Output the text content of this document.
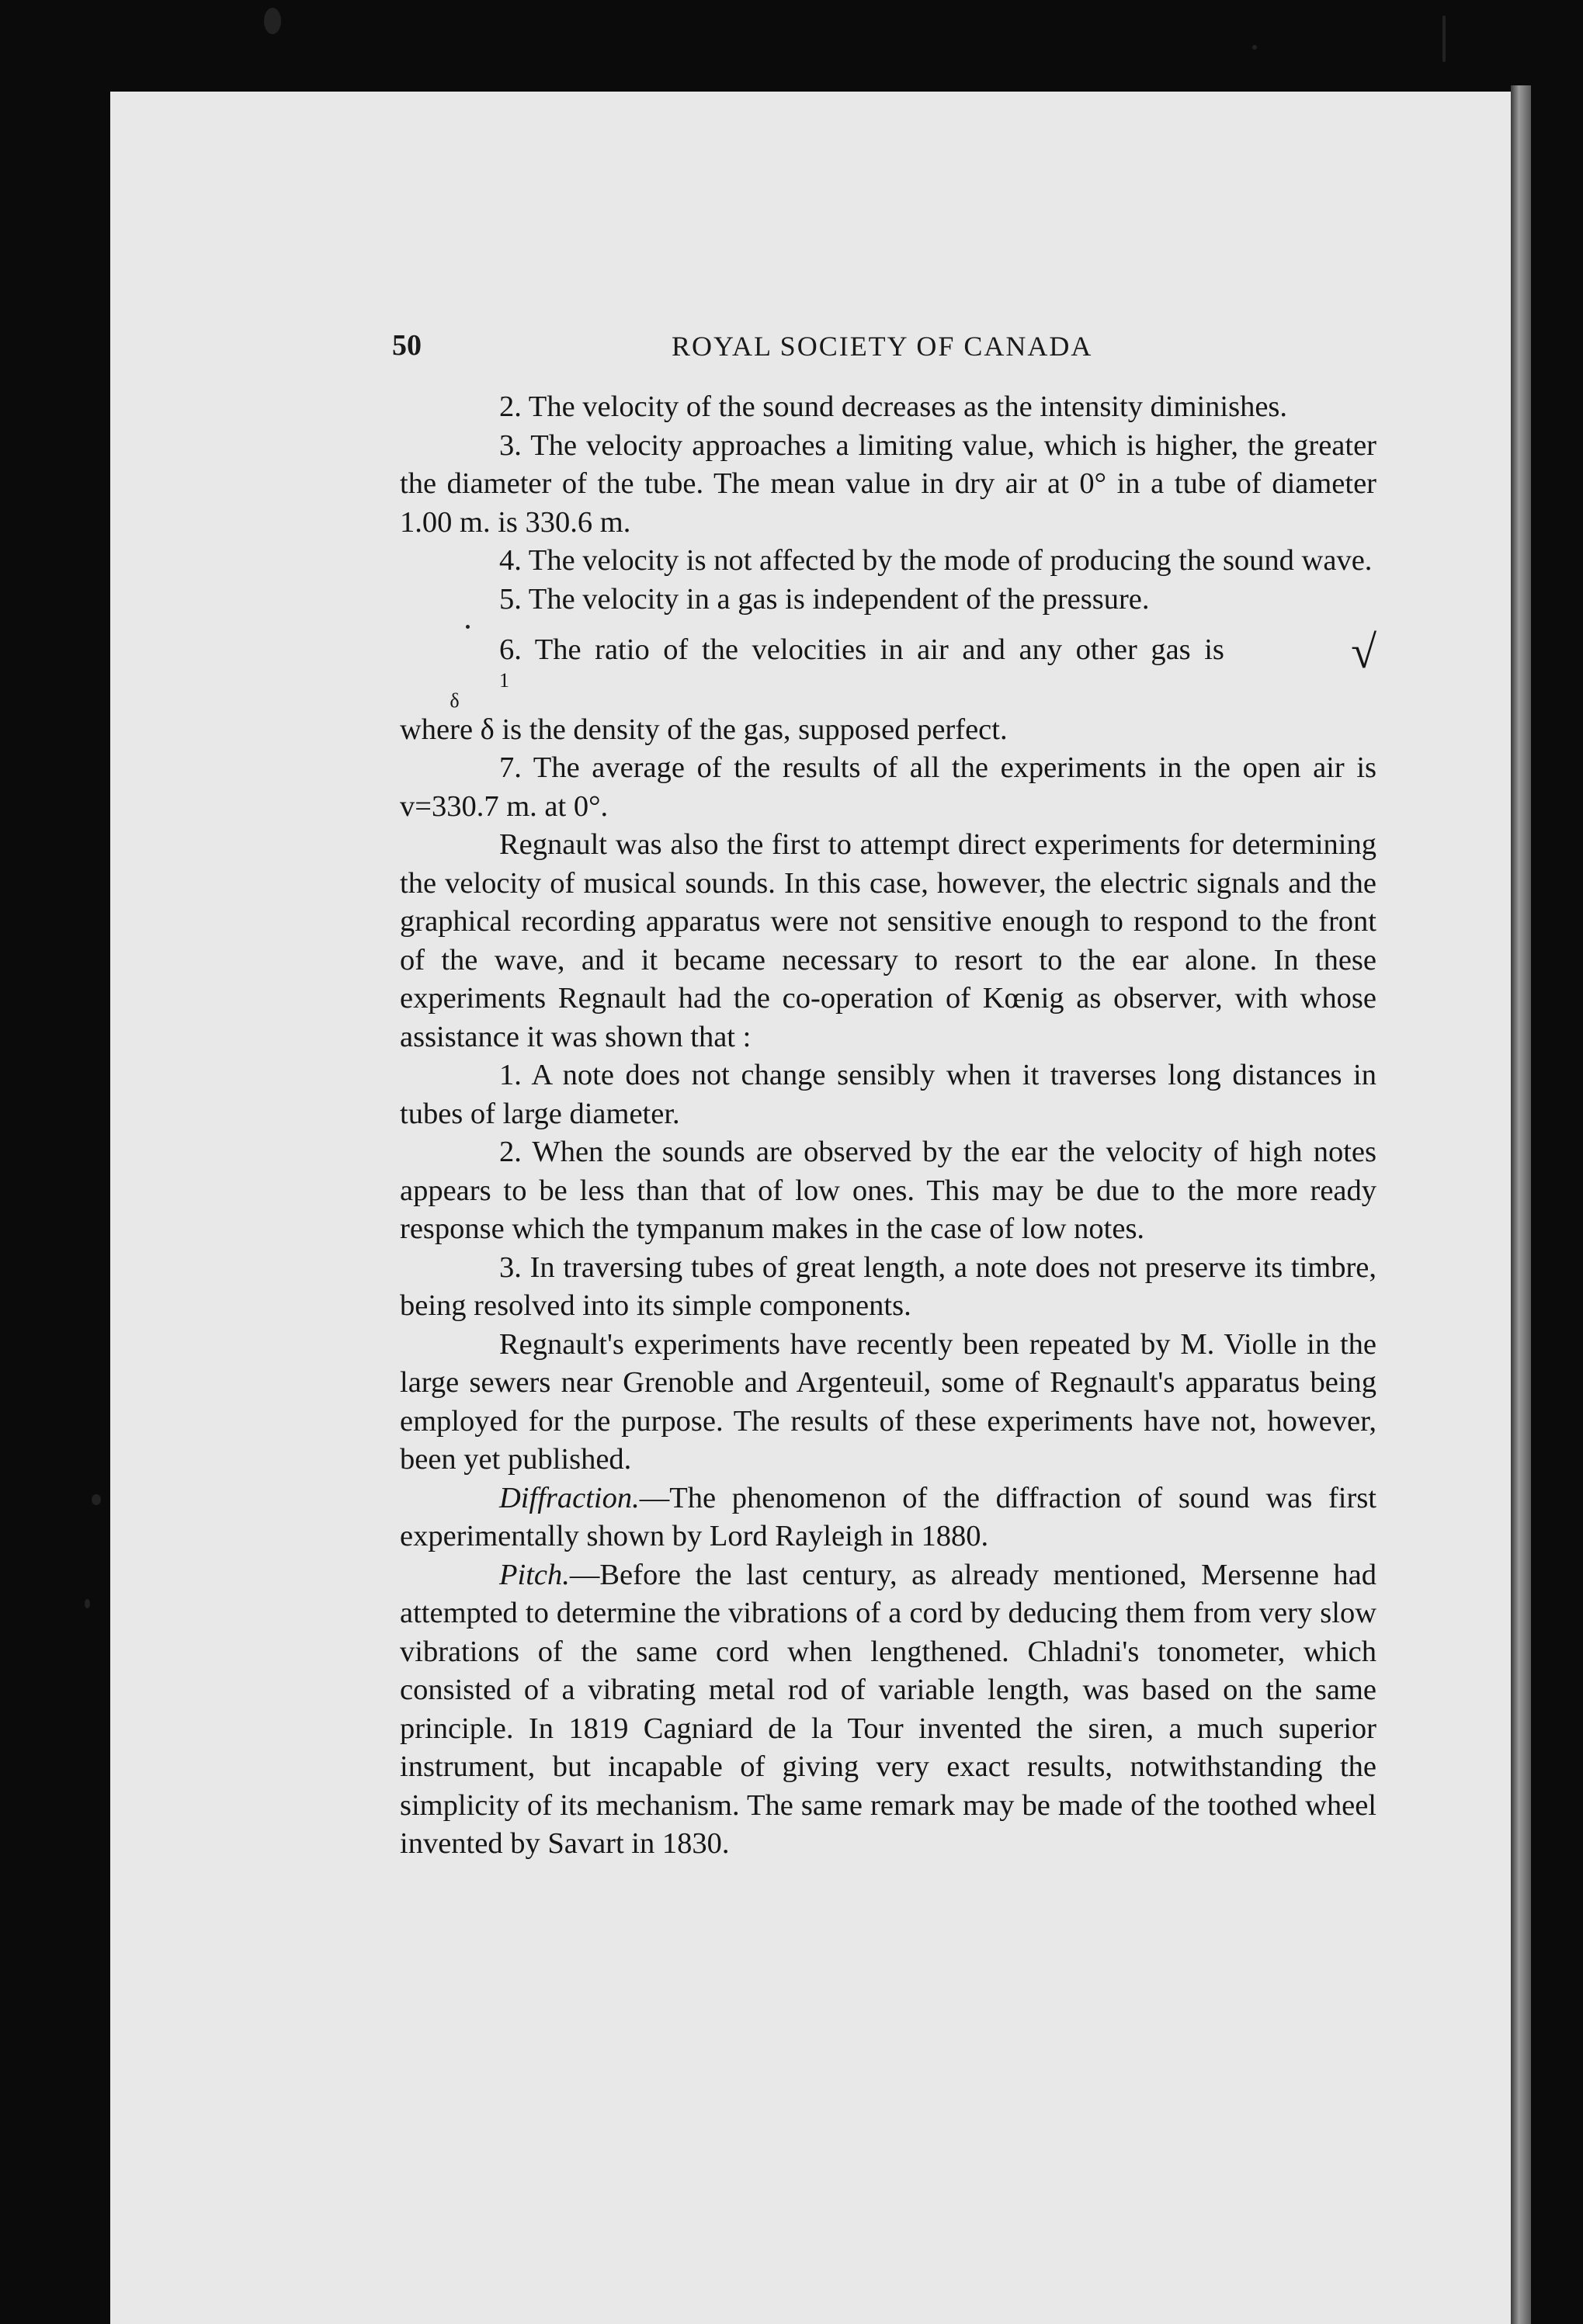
50	ROYAL SOCIETY OF CANADA

2. The velocity of the sound decreases as the intensity diminishes.

3. The velocity approaches a limiting value, which is higher, the greater the diameter of the tube. The mean value in dry air at 0° in a tube of diameter 1.00 m. is 330.6 m.

4. The velocity is not affected by the mode of producing the sound wave.

5. The velocity in a gas is independent of the pressure.

6. The ratio of the velocities in air and any other gas is	√1
δ

where δ is the density of the gas, supposed perfect.

7. The average of the results of all the experiments in the open air is v=330.7 m. at 0°.

Regnault was also the first to attempt direct experiments for determining the velocity of musical sounds. In this case, however, the electric signals and the graphical recording apparatus were not sensitive enough to respond to the front of the wave, and it became necessary to resort to the ear alone. In these experiments Regnault had the co-operation of Kœnig as observer, with whose assistance it was shown that :

1. A note does not change sensibly when it traverses long distances in tubes of large diameter.

2. When the sounds are observed by the ear the velocity of high notes appears to be less than that of low ones. This may be due to the more ready response which the tympanum makes in the case of low notes.

3. In traversing tubes of great length, a note does not preserve its timbre, being resolved into its simple components.

Regnault's experiments have recently been repeated by M. Violle in the large sewers near Grenoble and Argenteuil, some of Regnault's apparatus being employed for the purpose. The results of these experiments have not, however, been yet published.

Diffraction.—The phenomenon of the diffraction of sound was first experimentally shown by Lord Rayleigh in 1880.

Pitch.—Before the last century, as already mentioned, Mersenne had attempted to determine the vibrations of a cord by deducing them from very slow vibrations of the same cord when lengthened. Chladni's tonometer, which consisted of a vibrating metal rod of variable length, was based on the same principle. In 1819 Cagniard de la Tour invented the siren, a much superior instrument, but incapable of giving very exact results, notwithstanding the simplicity of its mechanism. The same remark may be made of the toothed wheel invented by Savart in 1830.
